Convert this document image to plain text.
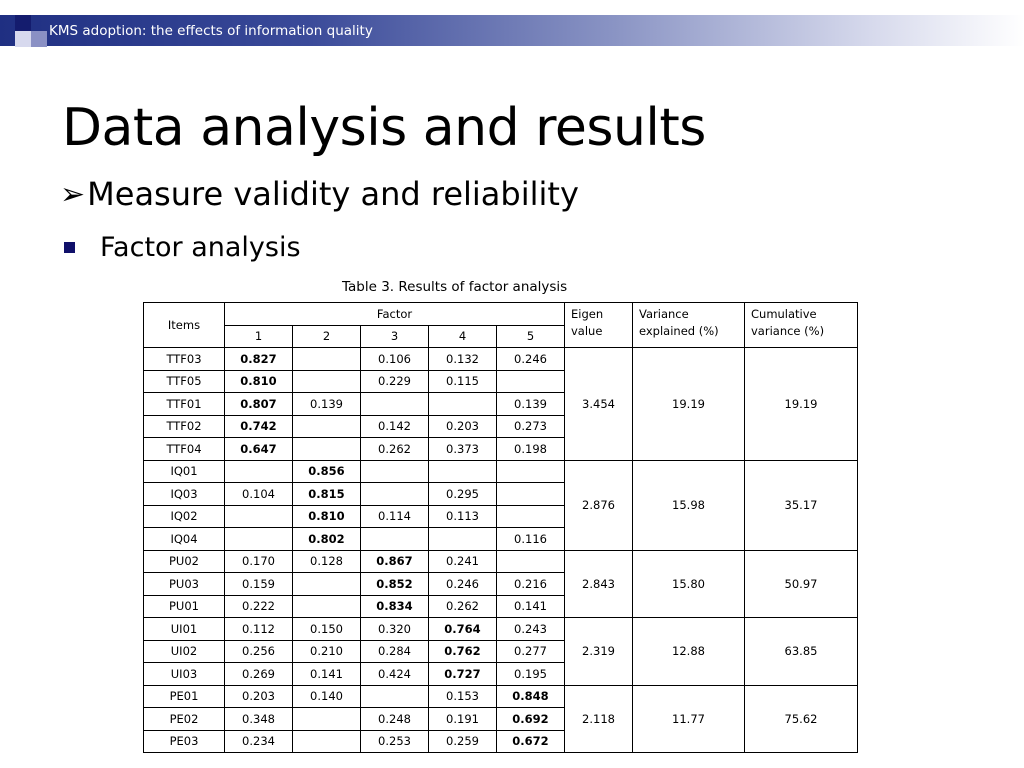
KMS adoption: the effects of information quality
Data analysis and results
➢ Measure validity and reliability
Factor analysis
Table 3. Results of factor analysis
Items	Factor					Eigen value	Variance explained (%)	Cumulative variance (%)
	1	2	3	4	5			
TTF03	0.827		0.106	0.132	0.246	3.454	19.19	19.19
TTF05	0.810		0.229	0.115				
TTF01	0.807	0.139			0.139			
TTF02	0.742		0.142	0.203	0.273			
TTF04	0.647		0.262	0.373	0.198			
IQ01		0.856				2.876	15.98	35.17
IQ03	0.104	0.815		0.295				
IQ02		0.810	0.114	0.113				
IQ04		0.802			0.116			
PU02	0.170	0.128	0.867	0.241		2.843	15.80	50.97
PU03	0.159		0.852	0.246	0.216			
PU01	0.222		0.834	0.262	0.141			
UI01	0.112	0.150	0.320	0.764	0.243	2.319	12.88	63.85
UI02	0.256	0.210	0.284	0.762	0.277			
UI03	0.269	0.141	0.424	0.727	0.195			
PE01	0.203	0.140		0.153	0.848	2.118	11.77	75.62
PE02	0.348		0.248	0.191	0.692			
PE03	0.234		0.253	0.259	0.672			
